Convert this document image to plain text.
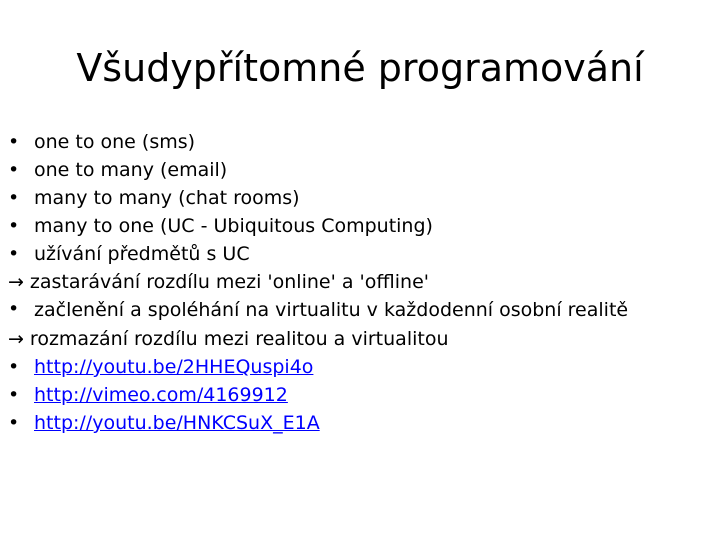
Všudypřítomné programování
• one to one (sms)
• one to many (email)
• many to many (chat rooms)
• many to one (UC - Ubiquitous Computing)
• užívání předmětů s UC
→ zastarávání rozdílu mezi 'online' a 'offline'
• začlenění a spoléhání na virtualitu v každodenní osobní realitě
→ rozmazání rozdílu mezi realitou a virtualitou
• http://youtu.be/2HHEQuspi4o
• http://vimeo.com/4169912
• http://youtu.be/HNKCSuX_E1A
